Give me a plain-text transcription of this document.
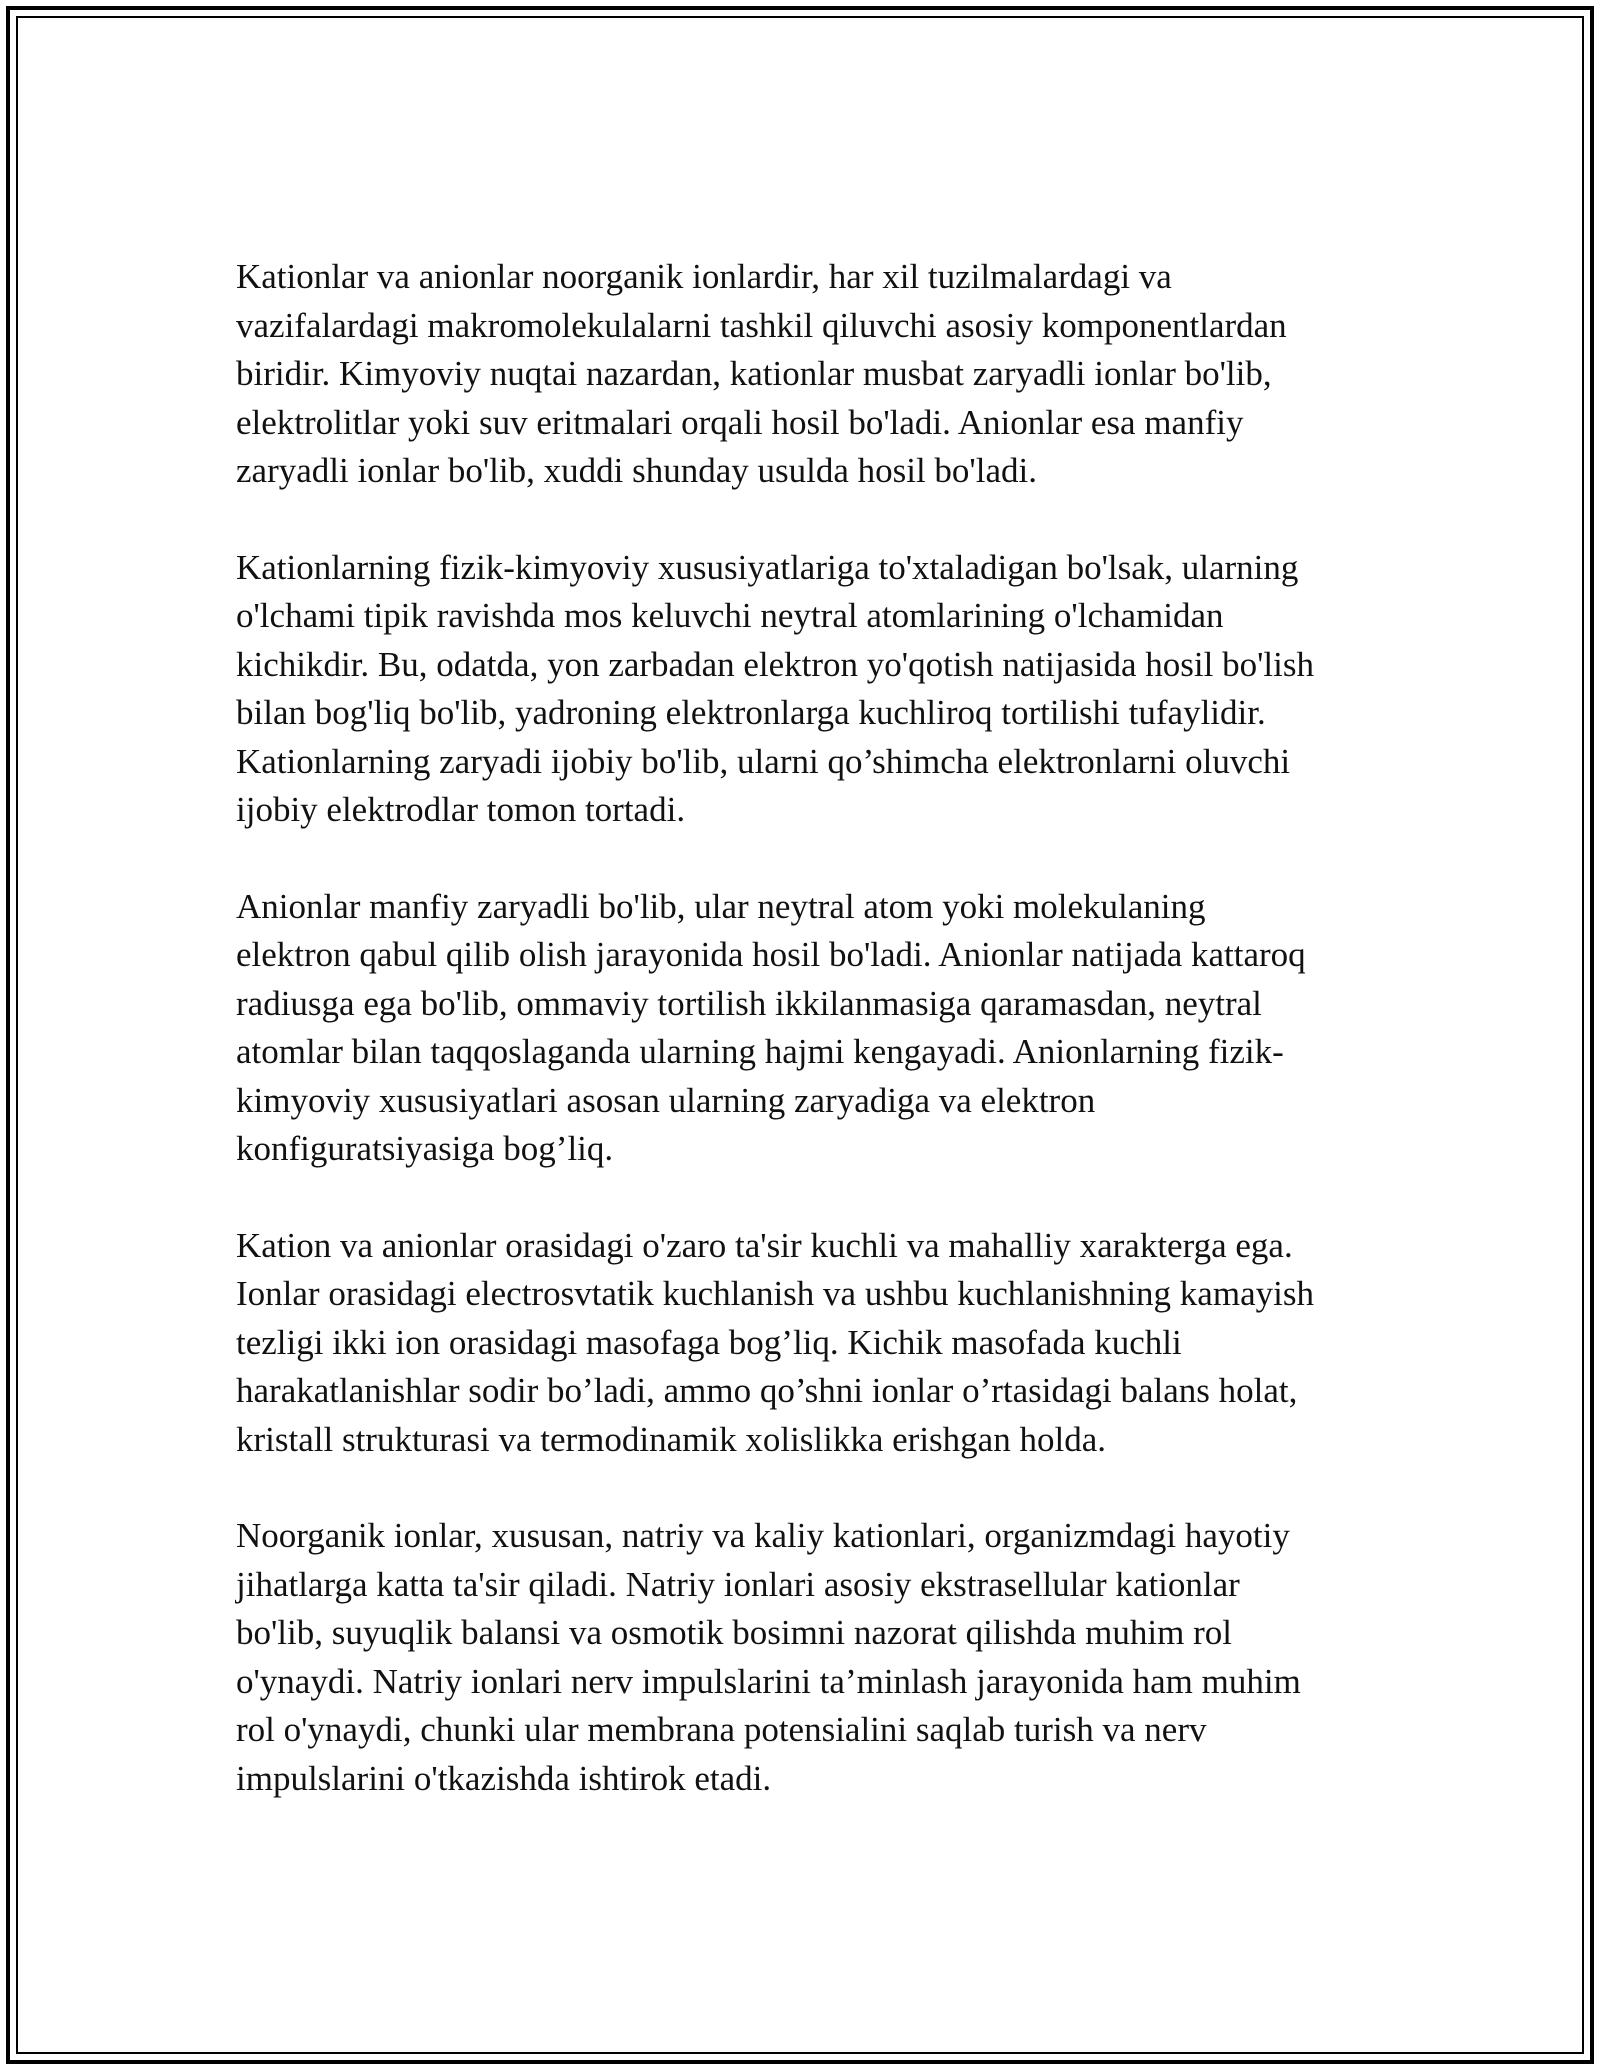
Kationlar va anionlar noorganik ionlardir, har xil tuzilmalardagi va
vazifalardagi makromolekulalarni tashkil qiluvchi asosiy komponentlardan
biridir. Kimyoviy nuqtai nazardan, kationlar musbat zaryadli ionlar bo'lib,
elektrolitlar yoki suv eritmalari orqali hosil bo'ladi. Anionlar esa manfiy
zaryadli ionlar bo'lib, xuddi shunday usulda hosil bo'ladi.

Kationlarning fizik-kimyoviy xususiyatlariga to'xtaladigan bo'lsak, ularning
o'lchami tipik ravishda mos keluvchi neytral atomlarining o'lchamidan
kichikdir. Bu, odatda, yon zarbadan elektron yo'qotish natijasida hosil bo'lish
bilan bog'liq bo'lib, yadroning elektronlarga kuchliroq tortilishi tufaylidir.
Kationlarning zaryadi ijobiy bo'lib, ularni qo’shimcha elektronlarni oluvchi
ijobiy elektrodlar tomon tortadi.

Anionlar manfiy zaryadli bo'lib, ular neytral atom yoki molekulaning
elektron qabul qilib olish jarayonida hosil bo'ladi. Anionlar natijada kattaroq
radiusga ega bo'lib, ommaviy tortilish ikkilanmasiga qaramasdan, neytral
atomlar bilan taqqoslaganda ularning hajmi kengayadi. Anionlarning fizik-
kimyoviy xususiyatlari asosan ularning zaryadiga va elektron
konfiguratsiyasiga bog’liq.

Kation va anionlar orasidagi o'zaro ta'sir kuchli va mahalliy xarakterga ega.
Ionlar orasidagi electrosvtatik kuchlanish va ushbu kuchlanishning kamayish
tezligi ikki ion orasidagi masofaga bog’liq. Kichik masofada kuchli
harakatlanishlar sodir bo’ladi, ammo qo’shni ionlar o’rtasidagi balans holat,
kristall strukturasi va termodinamik xolislikka erishgan holda.

Noorganik ionlar, xususan, natriy va kaliy kationlari, organizmdagi hayotiy
jihatlarga katta ta'sir qiladi. Natriy ionlari asosiy ekstrasellular kationlar
bo'lib, suyuqlik balansi va osmotik bosimni nazorat qilishda muhim rol
o'ynaydi. Natriy ionlari nerv impulslarini ta’minlash jarayonida ham muhim
rol o'ynaydi, chunki ular membrana potensialini saqlab turish va nerv
impulslarini o'tkazishda ishtirok etadi.
